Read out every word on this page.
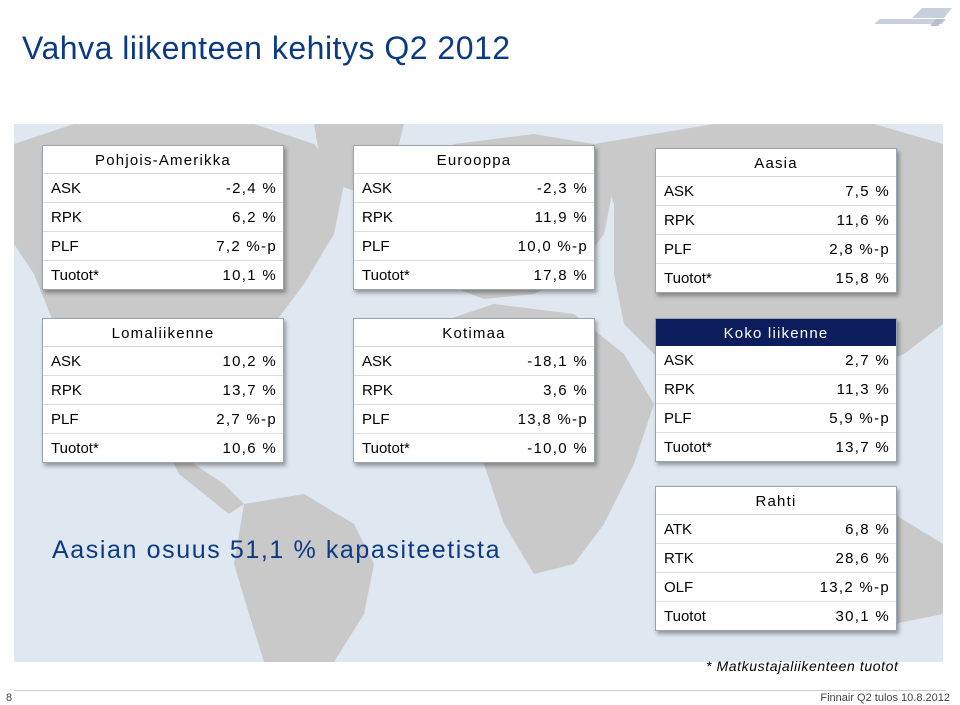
Vahva liikenteen kehitys Q2 2012
Pohjois-Amerikka
ASK	-2,4 %
RPK	6,2 %
PLF	7,2 %-p
Tuotot*	10,1 %
Eurooppa
ASK	-2,3 %
RPK	11,9 %
PLF	10,0 %-p
Tuotot*	17,8 %
Aasia
ASK	7,5 %
RPK	11,6 %
PLF	2,8 %-p
Tuotot*	15,8 %
Lomaliikenne
ASK	10,2 %
RPK	13,7 %
PLF	2,7 %-p
Tuotot*	10,6 %
Kotimaa
ASK	-18,1 %
RPK	3,6 %
PLF	13,8 %-p
Tuotot*	-10,0 %
Koko liikenne
ASK	2,7 %
RPK	11,3 %
PLF	5,9 %-p
Tuotot*	13,7 %
Rahti
ATK	6,8 %
RTK	28,6 %
OLF	13,2 %-p
Tuotot	30,1 %
Aasian osuus 51,1 % kapasiteetista
* Matkustajaliikenteen tuotot
8	Finnair Q2 tulos 10.8.2012
